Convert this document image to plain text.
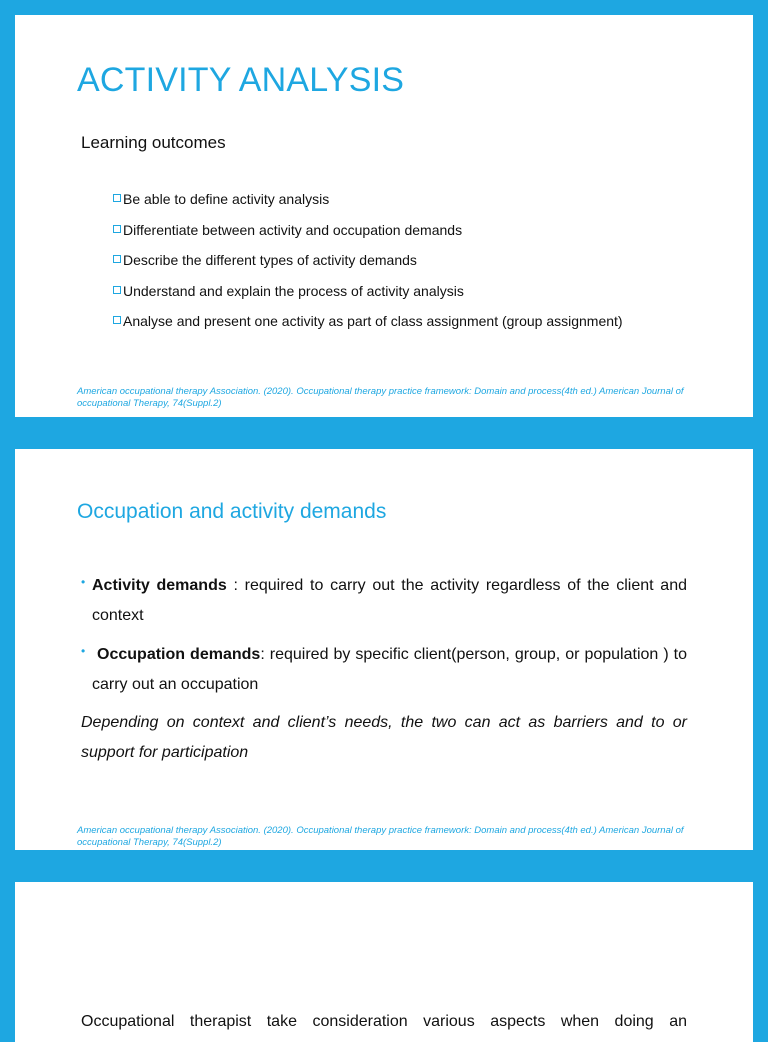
ACTIVITY ANALYSIS
Learning outcomes
Be able to define activity analysis
Differentiate between activity and occupation demands
Describe the different types of activity demands
Understand and explain the process of activity analysis
Analyse and present one activity as part of class assignment (group assignment)
American occupational therapy Association. (2020). Occupational therapy practice framework: Domain and process(4th ed.) American Journal of occupational Therapy, 74(Suppl.2)
Occupation and activity demands
• Activity demands : required to carry out the activity regardless of the client and context
• Occupation demands: required by specific client(person, group, or population ) to carry out an occupation
Depending on context and client’s needs, the two can act as barriers and to or support for participation
American occupational therapy Association. (2020). Occupational therapy practice framework: Domain and process(4th ed.) American Journal of occupational Therapy, 74(Suppl.2)
Occupational therapist take consideration various aspects when doing an
